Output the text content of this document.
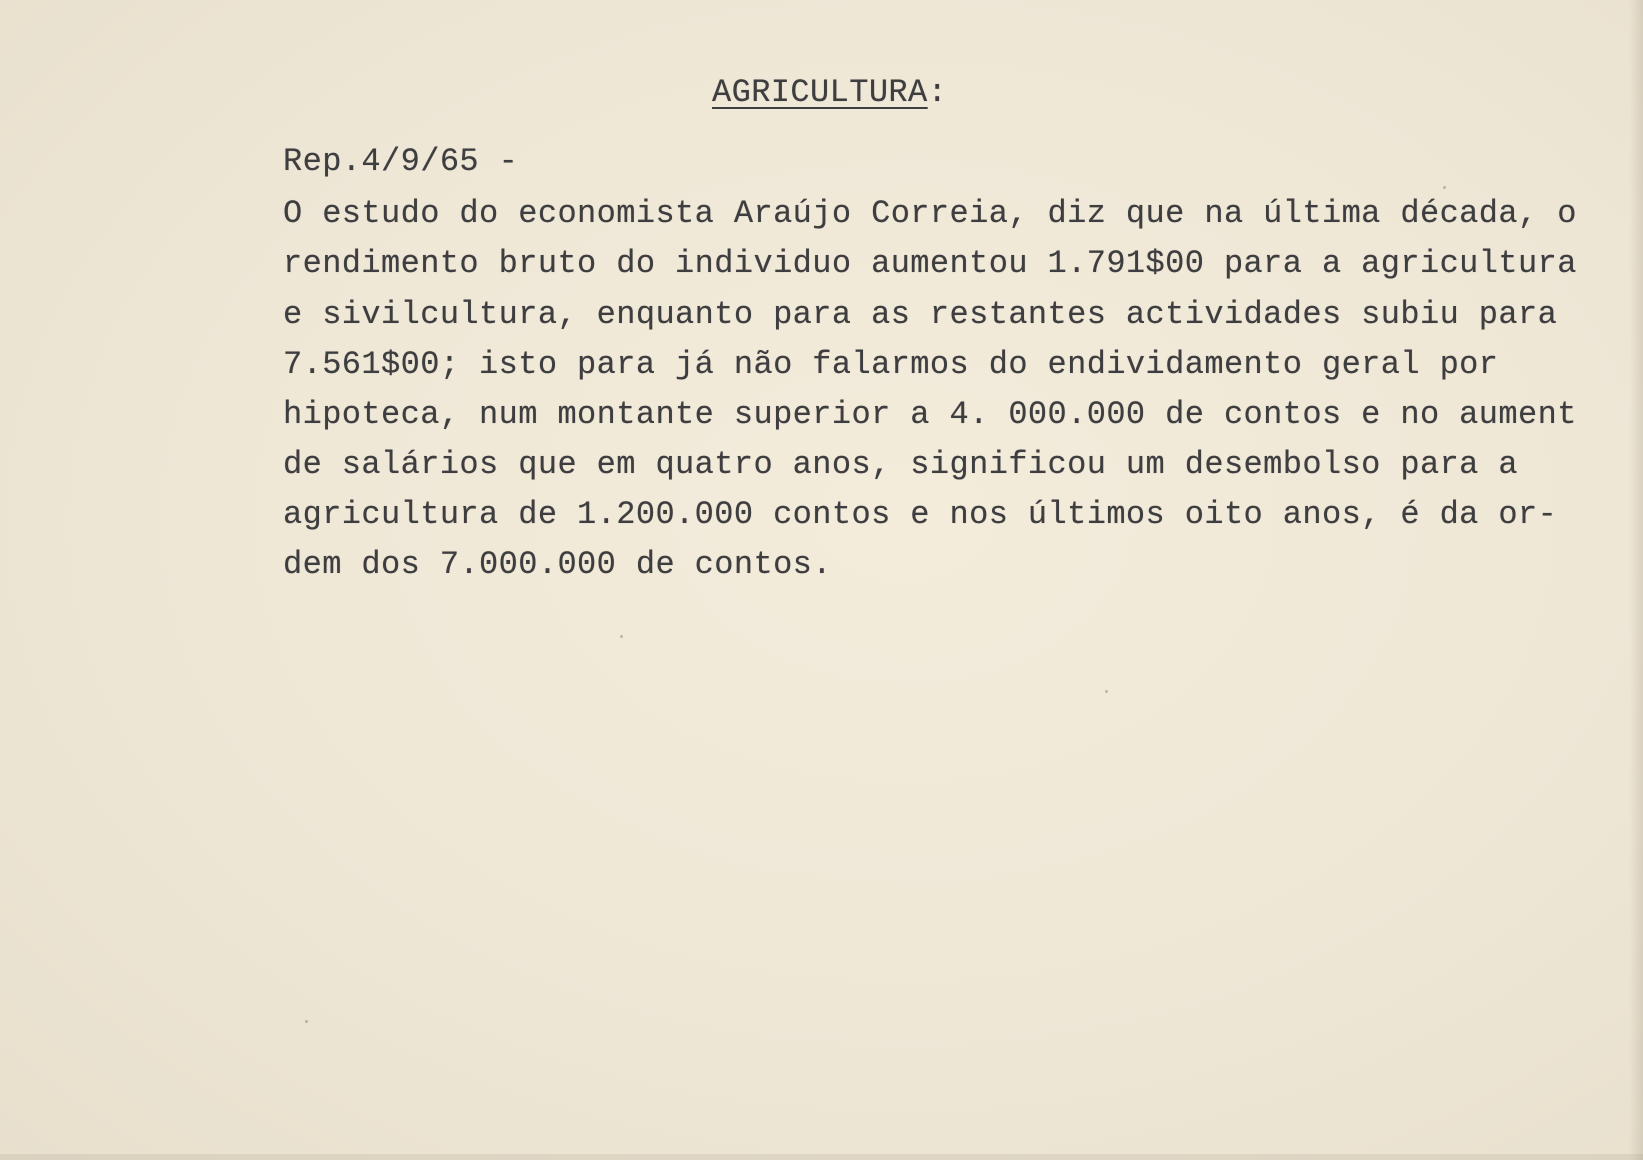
AGRICULTURA:
Rep.4/9/65 -
O estudo do economista Araújo Correia, diz que na última década, o
rendimento bruto do individuo aumentou 1.791$00 para a agricultura
e sivilcultura, enquanto para as restantes actividades subiu para
7.561$00; isto para já não falarmos do endividamento geral por
hipoteca, num montante superior a 4. 000.000 de contos e no aument
de salários que em quatro anos, significou um desembolso para a
agricultura de 1.200.000 contos e nos últimos oito anos, é da or-
dem dos 7.000.000 de contos.
